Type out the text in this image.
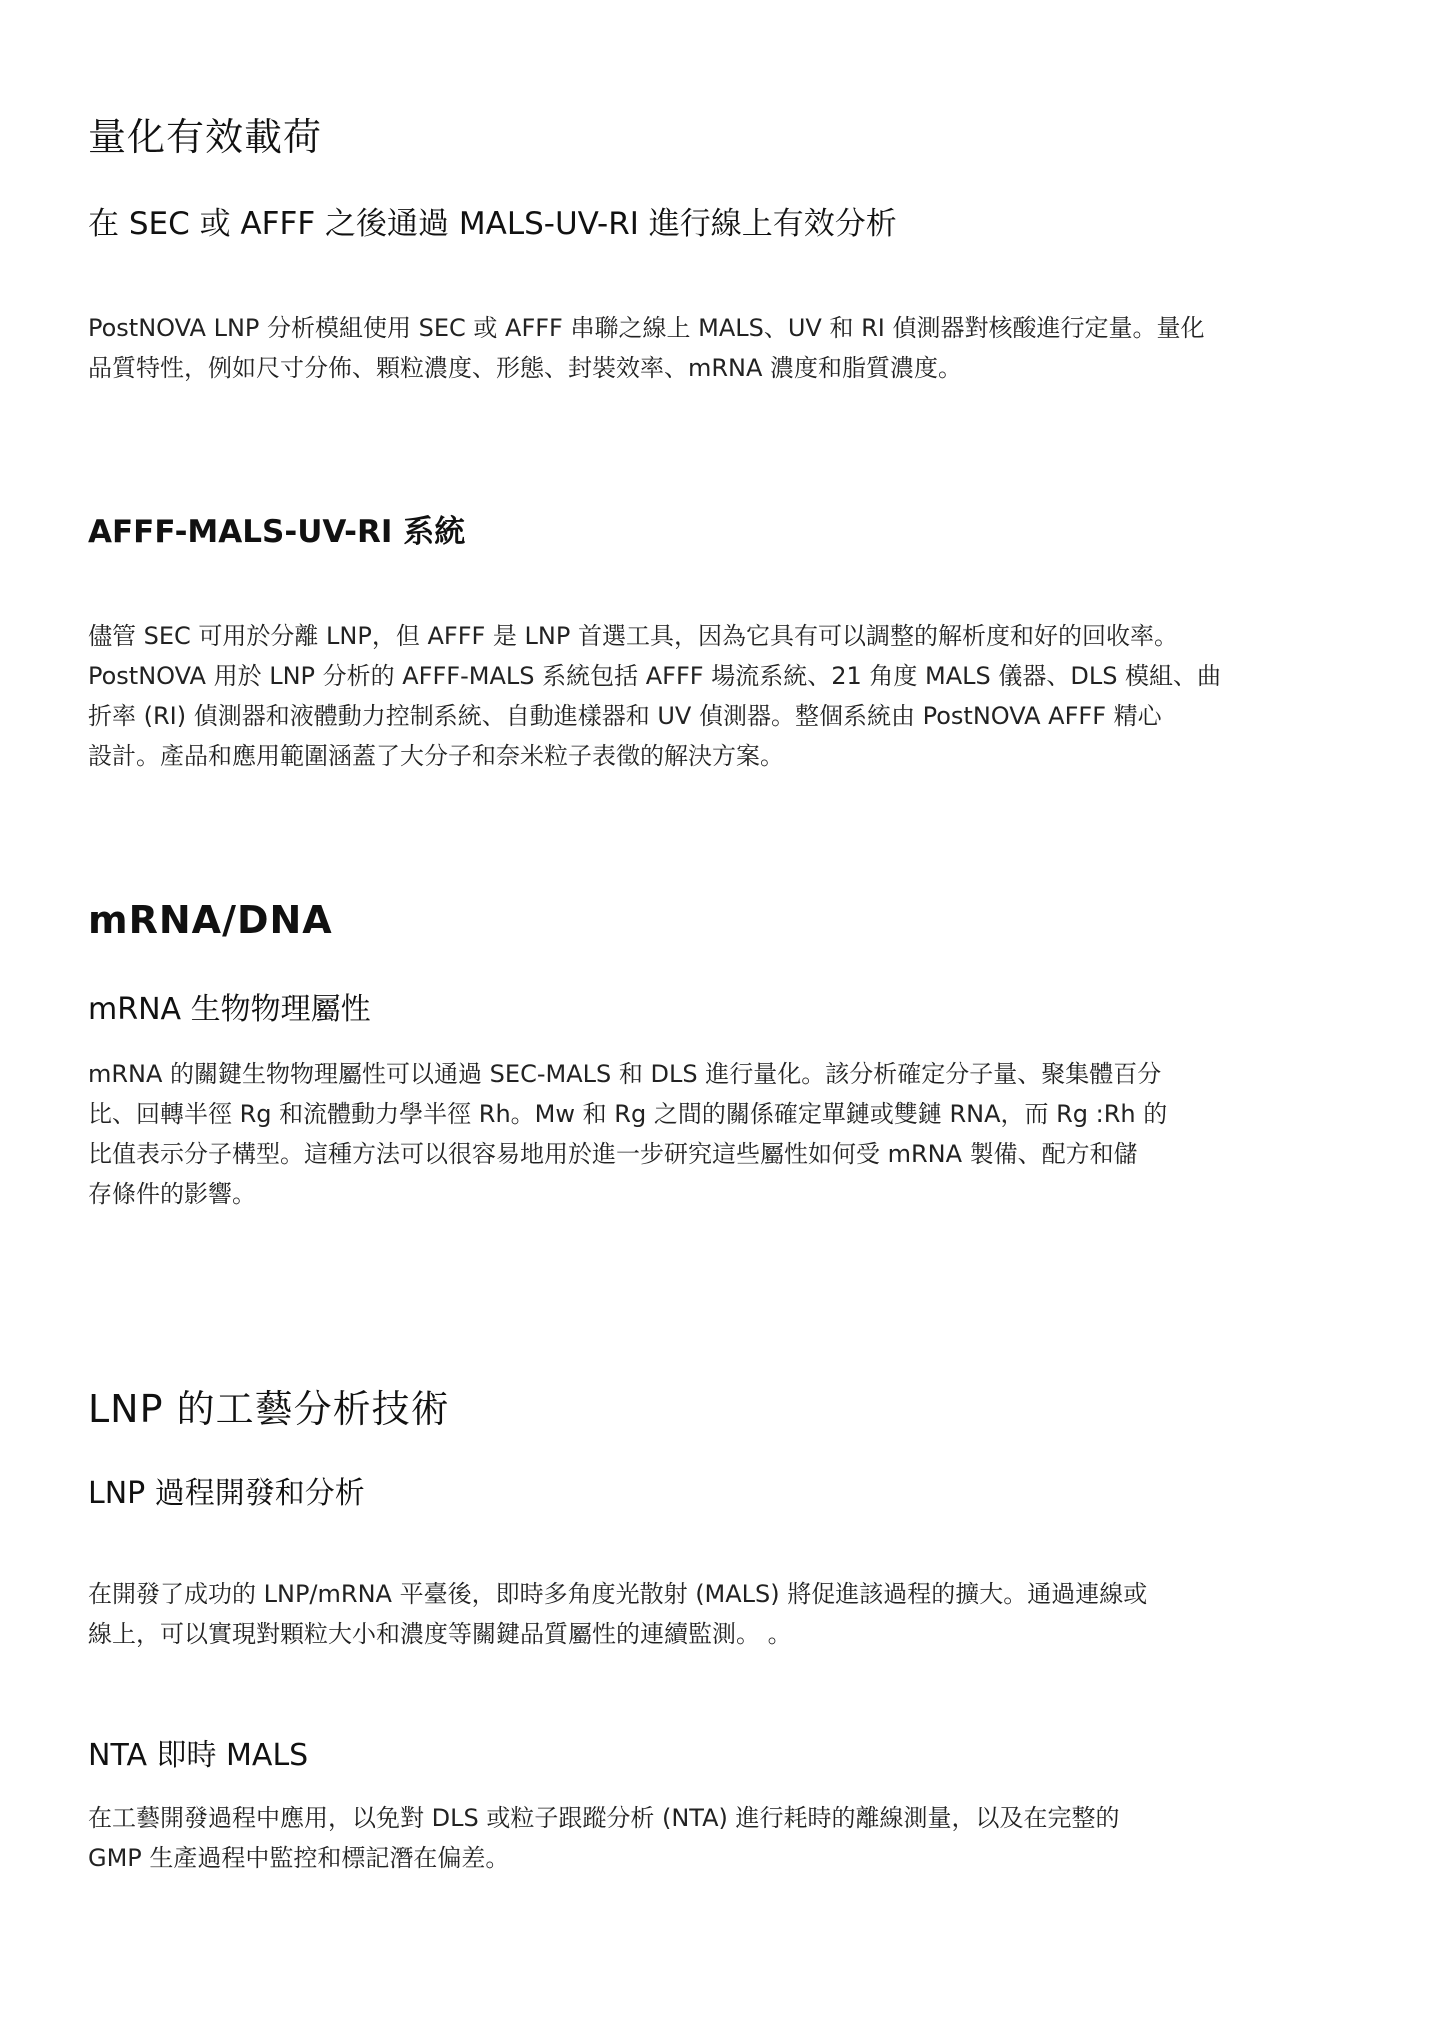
量化有效載荷
在 SEC 或 AFFF 之後通過 MALS-UV-RI 進行線上有效分析
PostNOVA LNP 分析模組使用 SEC 或 AFFF 串聯之線上 MALS、UV 和 RI 偵測器對核酸進行定量。量化
品質特性，例如尺寸分佈、顆粒濃度、形態、封裝效率、mRNA 濃度和脂質濃度。
AFFF-MALS-UV-RI 系統
儘管 SEC 可用於分離 LNP，但 AFFF 是 LNP 首選工具，因為它具有可以調整的解析度和好的回收率。
PostNOVA 用於 LNP 分析的 AFFF-MALS 系統包括 AFFF 場流系統、21 角度 MALS 儀器、DLS 模組、曲
折率 (RI) 偵測器和液體動力控制系統、自動進樣器和 UV 偵測器。整個系統由 PostNOVA AFFF 精心
設計。產品和應用範圍涵蓋了大分子和奈米粒子表徵的解決方案。
mRNA/DNA
mRNA 生物物理屬性
mRNA 的關鍵生物物理屬性可以通過 SEC-MALS 和 DLS 進行量化。該分析確定分子量、聚集體百分
比、回轉半徑 Rg 和流體動力學半徑 Rh。Mw 和 Rg 之間的關係確定單鏈或雙鏈 RNA，而 Rg :Rh 的
比值表示分子構型。這種方法可以很容易地用於進一步研究這些屬性如何受 mRNA 製備、配方和儲
存條件的影響。
LNP 的工藝分析技術
LNP 過程開發和分析
在開發了成功的 LNP/mRNA 平臺後，即時多角度光散射 (MALS) 將促進該過程的擴大。通過連線或
線上，可以實現對顆粒大小和濃度等關鍵品質屬性的連續監測。 。
NTA 即時 MALS
在工藝開發過程中應用，以免對 DLS 或粒子跟蹤分析 (NTA) 進行耗時的離線測量，以及在完整的
GMP 生產過程中監控和標記潛在偏差。
